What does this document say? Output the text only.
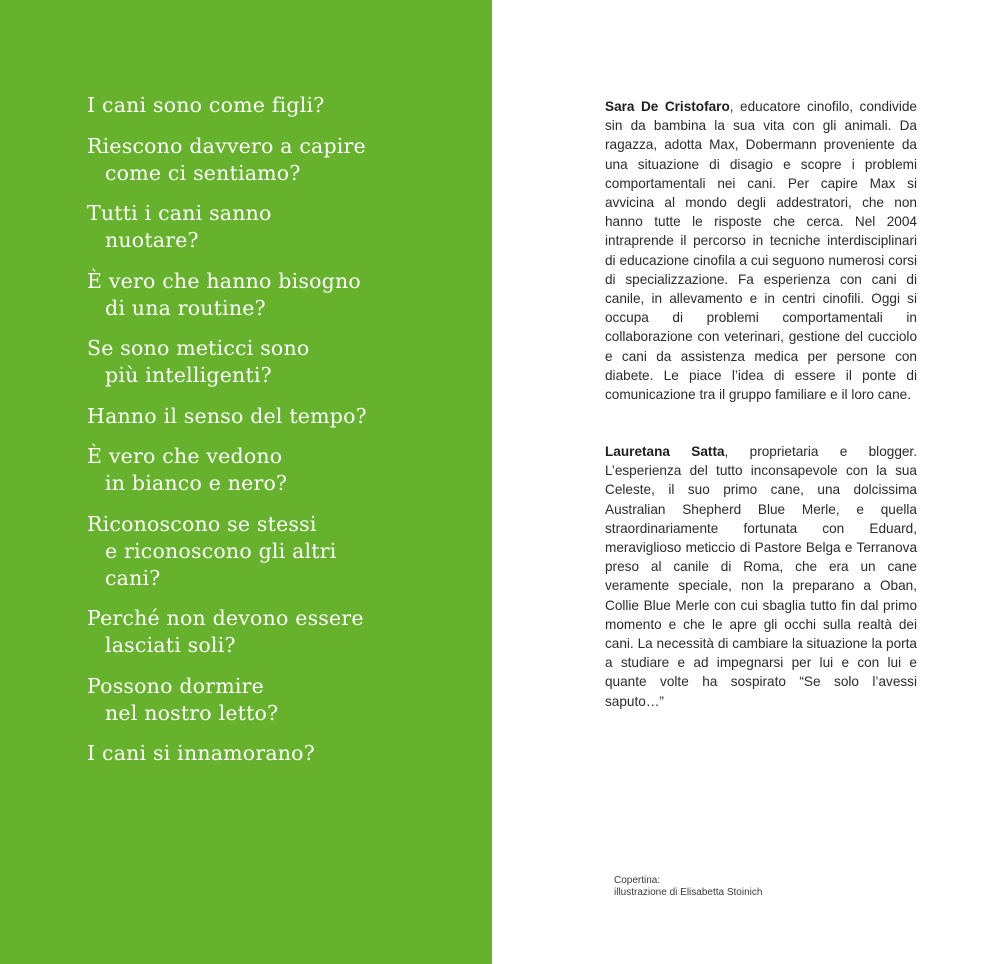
I cani sono come figli?
Riescono davvero a capire
come ci sentiamo?
Tutti i cani sanno
nuotare?
È vero che hanno bisogno
di una routine?
Se sono meticci sono
più intelligenti?
Hanno il senso del tempo?
È vero che vedono
in bianco e nero?
Riconoscono se stessi
e riconoscono gli altri
cani?
Perché non devono essere
lasciati soli?
Possono dormire
nel nostro letto?
I cani si innamorano?

Sara De Cristofaro, educatore cinofilo, condivide sin da bambina la sua vita con gli animali. Da ragazza, adotta Max, Dobermann proveniente da una situazione di disagio e scopre i problemi comportamentali nei cani. Per capire Max si avvicina al mondo degli addestratori, che non hanno tutte le risposte che cerca. Nel 2004 intraprende il percorso in tecniche interdisciplinari di educazione cinofila a cui seguono numerosi corsi di specializzazione. Fa esperienza con cani di canile, in allevamento e in centri cinofili. Oggi si occupa di problemi comportamentali in collaborazione con veterinari, gestione del cucciolo e cani da assistenza medica per persone con diabete. Le piace l’idea di essere il ponte di comunicazione tra il gruppo familiare e il loro cane.

Lauretana Satta, proprietaria e blogger. L’esperienza del tutto inconsapevole con la sua Celeste, il suo primo cane, una dolcissima Australian Shepherd Blue Merle, e quella straordinariamente fortunata con Eduard, meraviglioso meticcio di Pastore Belga e Terranova preso al canile di Roma, che era un cane veramente speciale, non la preparano a Oban, Collie Blue Merle con cui sbaglia tutto fin dal primo momento e che le apre gli occhi sulla realtà dei cani. La necessità di cambiare la situazione la porta a studiare e ad impegnarsi per lui e con lui e quante volte ha sospirato “Se solo l’avessi saputo…”

Copertina:
illustrazione di Elisabetta Stoinich
